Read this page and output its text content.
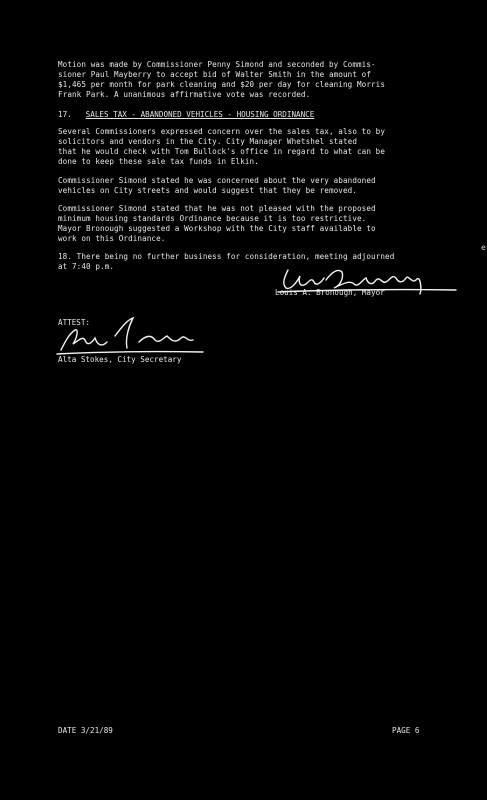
Motion was made by Commissioner Penny Simond and seconded by Commis-
sioner Paul Mayberry to accept bid of Walter Smith in the amount of
$1,465 per month for park cleaning and $20 per day for cleaning Morris
Frank Park. A unanimous affirmative vote was recorded.

17. SALES TAX - ABANDONED VEHICLES - HOUSING ORDINANCE

Several Commissioners expressed concern over the sales tax, also to by
solicitors and vendors in the City. City Manager Whetshel stated
that he would check with Tom Bullock's office in regard to what can be
done to keep these sale tax funds in Elkin.

Commissioner Simond stated he was concerned about the very abandoned
vehicles on City streets and would suggest that they be removed.

Commissioner Simond stated that he was not pleased with the proposed
minimum housing standards Ordinance because it is too restrictive.
Mayor Bronough suggested a Workshop with the City staff available to
work on this Ordinance.

18. There being no further business for consideration, meeting adjourned
at 7:40 p.m.

Louis A. Bronough, Mayor
ATTEST:
Alta Stokes, City Secretary
DATE 3/21/89	PAGE 6
e
